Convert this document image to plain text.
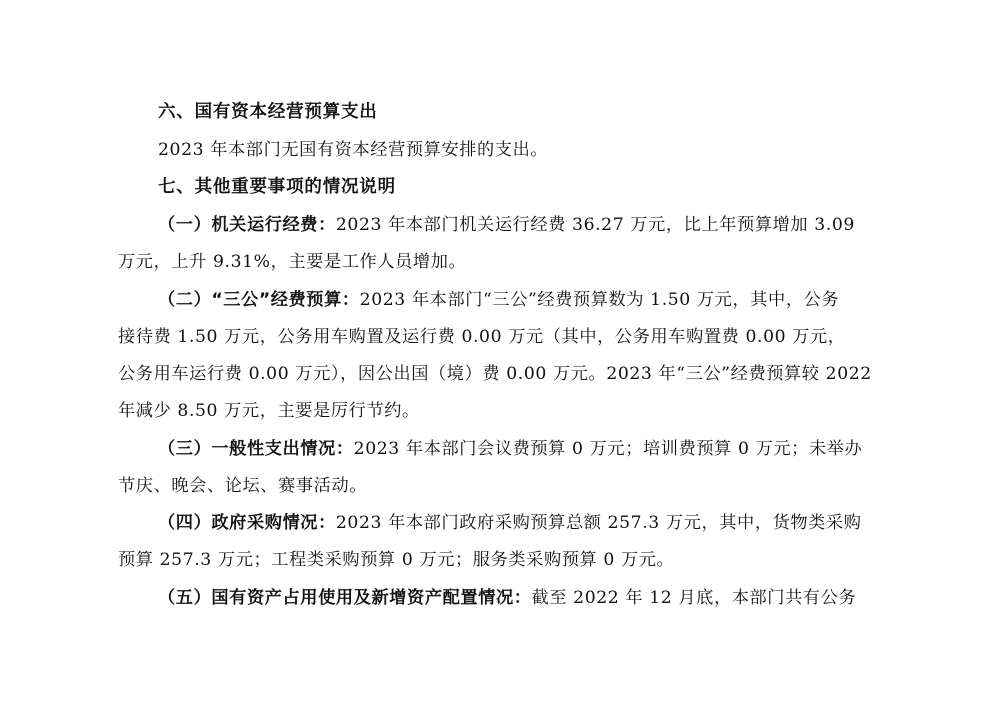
六、国有资本经营预算支出
2023 年本部门无国有资本经营预算安排的支出。
七、其他重要事项的情况说明
（一）机关运行经费：2023 年本部门机关运行经费 36.27 万元，比上年预算增加 3.09
万元，上升 9.31%，主要是工作人员增加。
（二）“三公”经费预算：2023 年本部门“三公”经费预算数为 1.50 万元，其中，公务
接待费 1.50 万元，公务用车购置及运行费 0.00 万元（其中，公务用车购置费 0.00 万元，
公务用车运行费 0.00 万元），因公出国（境）费 0.00 万元。2023 年“三公”经费预算较 2022
年减少 8.50 万元，主要是厉行节约。
（三）一般性支出情况：2023 年本部门会议费预算 0 万元；培训费预算 0 万元；未举办
节庆、晚会、论坛、赛事活动。
（四）政府采购情况：2023 年本部门政府采购预算总额 257.3 万元，其中，货物类采购
预算 257.3 万元；工程类采购预算 0 万元；服务类采购预算 0 万元。
（五）国有资产占用使用及新增资产配置情况：截至 2022 年 12 月底，本部门共有公务
